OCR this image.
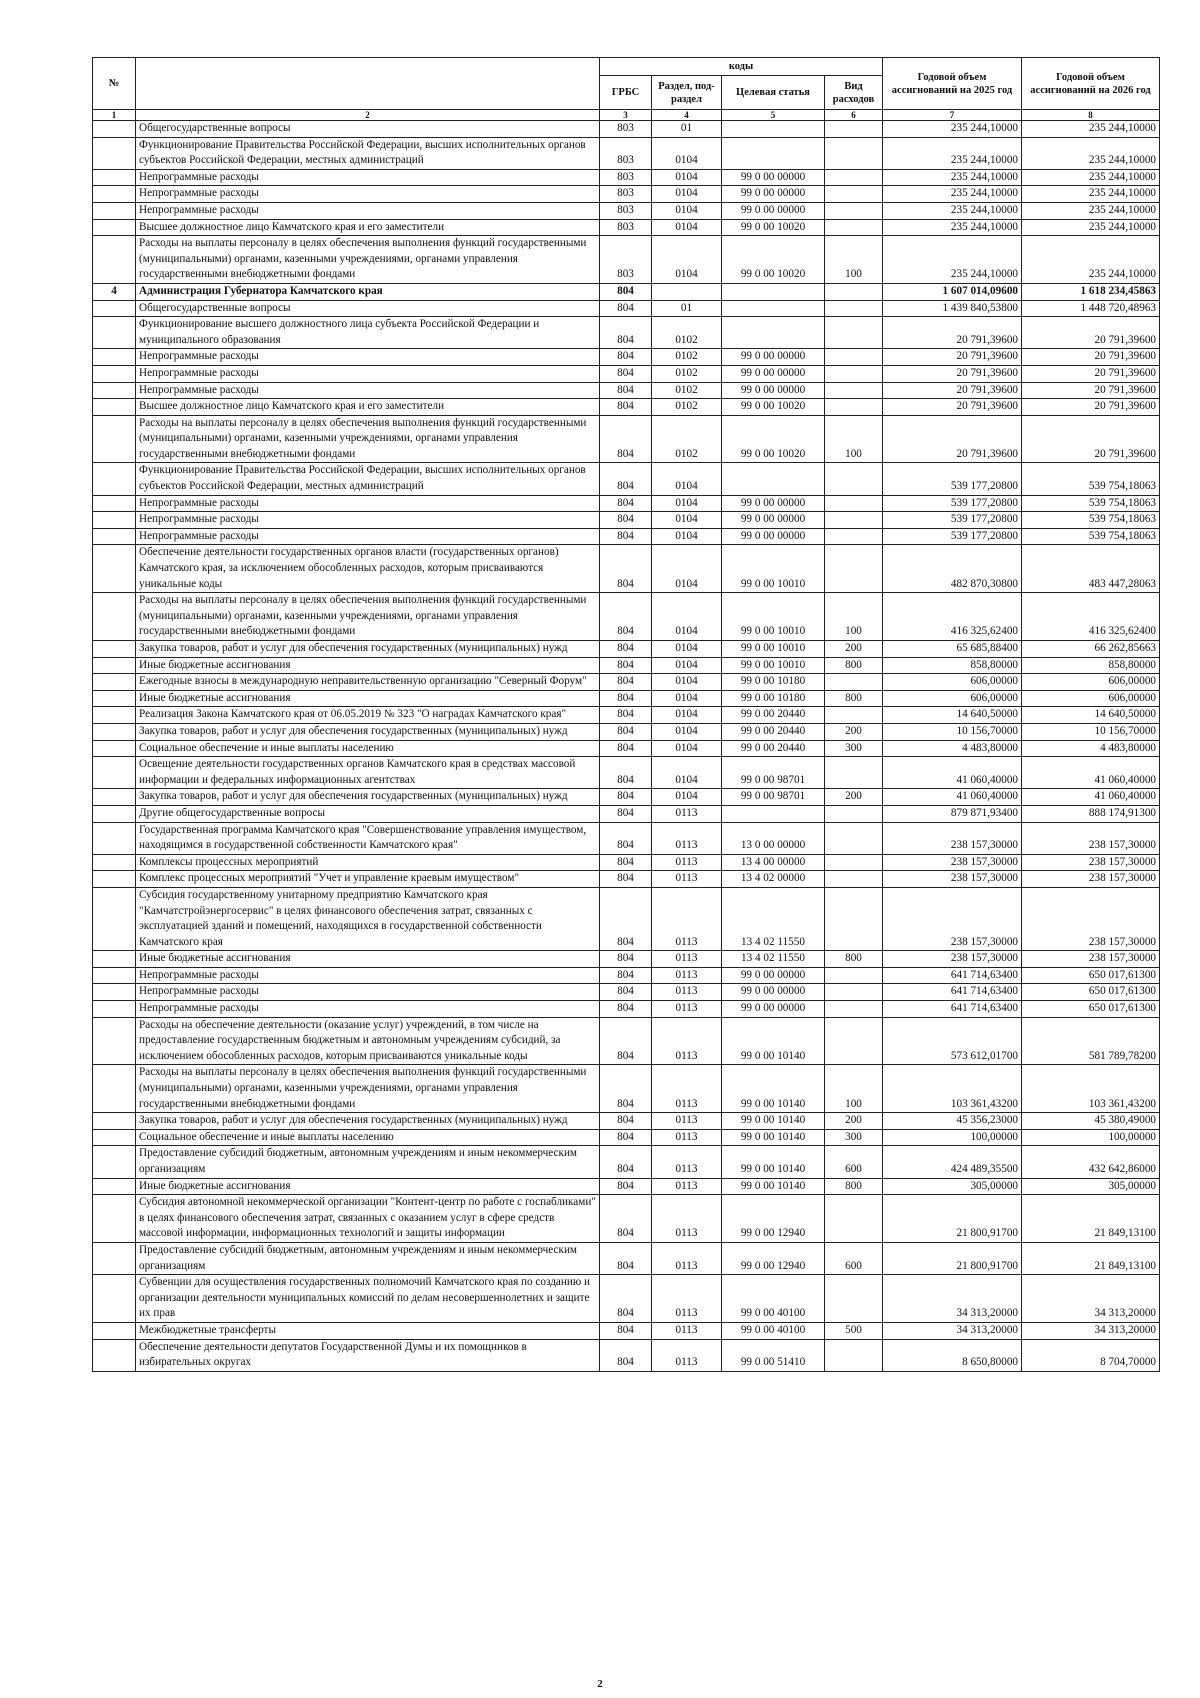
№		коды				Годовой объем ассигнований на 2025 год	Годовой объем ассигнований на 2026 год
		ГРБС	Раздел, под-раздел	Целевая статья	Вид расходов		
1	2	3	4	5	6	7	8
	Общегосударственные вопросы	803	01			235 244,10000	235 244,10000
	Функционирование Правительства Российской Федерации, высших исполнительных органов субъектов Российской Федерации, местных администраций	803	0104			235 244,10000	235 244,10000
	Непрограммные расходы	803	0104	99 0 00 00000		235 244,10000	235 244,10000
	Непрограммные расходы	803	0104	99 0 00 00000		235 244,10000	235 244,10000
	Непрограммные расходы	803	0104	99 0 00 00000		235 244,10000	235 244,10000
	Высшее должностное лицо Камчатского края и его заместители	803	0104	99 0 00 10020		235 244,10000	235 244,10000
	Расходы на выплаты персоналу в целях обеспечения выполнения функций государственными (муниципальными) органами, казенными учреждениями, органами управления государственными внебюджетными фондами	803	0104	99 0 00 10020	100	235 244,10000	235 244,10000
4	Администрация Губернатора Камчатского края	804				1 607 014,09600	1 618 234,45863
	Общегосударственные вопросы	804	01			1 439 840,53800	1 448 720,48963
	Функционирование высшего должностного лица субъекта Российской Федерации и муниципального образования	804	0102			20 791,39600	20 791,39600
	Непрограммные расходы	804	0102	99 0 00 00000		20 791,39600	20 791,39600
	Непрограммные расходы	804	0102	99 0 00 00000		20 791,39600	20 791,39600
	Непрограммные расходы	804	0102	99 0 00 00000		20 791,39600	20 791,39600
	Высшее должностное лицо Камчатского края и его заместители	804	0102	99 0 00 10020		20 791,39600	20 791,39600
	Расходы на выплаты персоналу в целях обеспечения выполнения функций государственными (муниципальными) органами, казенными учреждениями, органами управления государственными внебюджетными фондами	804	0102	99 0 00 10020	100	20 791,39600	20 791,39600
	Функционирование Правительства Российской Федерации, высших исполнительных органов субъектов Российской Федерации, местных администраций	804	0104			539 177,20800	539 754,18063
	Непрограммные расходы	804	0104	99 0 00 00000		539 177,20800	539 754,18063
	Непрограммные расходы	804	0104	99 0 00 00000		539 177,20800	539 754,18063
	Непрограммные расходы	804	0104	99 0 00 00000		539 177,20800	539 754,18063
	Обеспечение деятельности государственных органов власти (государственных органов) Камчатского края, за исключением обособленных расходов, которым присваиваются уникальные коды	804	0104	99 0 00 10010		482 870,30800	483 447,28063
	Расходы на выплаты персоналу в целях обеспечения выполнения функций государственными (муниципальными) органами, казенными учреждениями, органами управления государственными внебюджетными фондами	804	0104	99 0 00 10010	100	416 325,62400	416 325,62400
	Закупка товаров, работ и услуг для обеспечения государственных (муниципальных) нужд	804	0104	99 0 00 10010	200	65 685,88400	66 262,85663
	Иные бюджетные ассигнования	804	0104	99 0 00 10010	800	858,80000	858,80000
	Ежегодные взносы в международную неправительственную организацию "Северный Форум"	804	0104	99 0 00 10180		606,00000	606,00000
	Иные бюджетные ассигнования	804	0104	99 0 00 10180	800	606,00000	606,00000
	Реализация Закона Камчатского края от 06.05.2019 № 323 "О наградах Камчатского края"	804	0104	99 0 00 20440		14 640,50000	14 640,50000
	Закупка товаров, работ и услуг для обеспечения государственных (муниципальных) нужд	804	0104	99 0 00 20440	200	10 156,70000	10 156,70000
	Социальное обеспечение и иные выплаты населению	804	0104	99 0 00 20440	300	4 483,80000	4 483,80000
	Освещение деятельности государственных органов Камчатского края в средствах массовой информации и федеральных информационных агентствах	804	0104	99 0 00 98701		41 060,40000	41 060,40000
	Закупка товаров, работ и услуг для обеспечения государственных (муниципальных) нужд	804	0104	99 0 00 98701	200	41 060,40000	41 060,40000
	Другие общегосударственные вопросы	804	0113			879 871,93400	888 174,91300
	Государственная программа Камчатского края "Совершенствование управления имуществом, находящимся в государственной собственности Камчатского края"	804	0113	13 0 00 00000		238 157,30000	238 157,30000
	Комплексы процессных мероприятий	804	0113	13 4 00 00000		238 157,30000	238 157,30000
	Комплекс процессных мероприятий "Учет и управление краевым имуществом"	804	0113	13 4 02 00000		238 157,30000	238 157,30000
	Субсидия государственному унитарному предприятию Камчатского края "Камчатстройэнергосервис" в целях финансового обеспечения затрат, связанных с эксплуатацией зданий и помещений, находящихся в государственной собственности Камчатского края	804	0113	13 4 02 11550		238 157,30000	238 157,30000
	Иные бюджетные ассигнования	804	0113	13 4 02 11550	800	238 157,30000	238 157,30000
	Непрограммные расходы	804	0113	99 0 00 00000		641 714,63400	650 017,61300
	Непрограммные расходы	804	0113	99 0 00 00000		641 714,63400	650 017,61300
	Непрограммные расходы	804	0113	99 0 00 00000		641 714,63400	650 017,61300
	Расходы на обеспечение деятельности (оказание услуг) учреждений, в том числе на предоставление государственным бюджетным и автономным учреждениям субсидий, за исключением обособленных расходов, которым присваиваются уникальные коды	804	0113	99 0 00 10140		573 612,01700	581 789,78200
	Расходы на выплаты персоналу в целях обеспечения выполнения функций государственными (муниципальными) органами, казенными учреждениями, органами управления государственными внебюджетными фондами	804	0113	99 0 00 10140	100	103 361,43200	103 361,43200
	Закупка товаров, работ и услуг для обеспечения государственных (муниципальных) нужд	804	0113	99 0 00 10140	200	45 356,23000	45 380,49000
	Социальное обеспечение и иные выплаты населению	804	0113	99 0 00 10140	300	100,00000	100,00000
	Предоставление субсидий бюджетным, автономным учреждениям и иным некоммерческим организациям	804	0113	99 0 00 10140	600	424 489,35500	432 642,86000
	Иные бюджетные ассигнования	804	0113	99 0 00 10140	800	305,00000	305,00000
	Субсидия автономной некоммерческой организации "Контент-центр по работе с госпабликами" в целях финансового обеспечения затрат, связанных с оказанием услуг в сфере средств массовой информации, информационных технологий и защиты информации	804	0113	99 0 00 12940		21 800,91700	21 849,13100
	Предоставление субсидий бюджетным, автономным учреждениям и иным некоммерческим организациям	804	0113	99 0 00 12940	600	21 800,91700	21 849,13100
	Субвенции для осуществления государственных полномочий Камчатского края по созданию и организации деятельности муниципальных комиссий по делам несовершеннолетних и защите их прав	804	0113	99 0 00 40100		34 313,20000	34 313,20000
	Межбюджетные трансферты	804	0113	99 0 00 40100	500	34 313,20000	34 313,20000
	Обеспечение деятельности депутатов Государственной Думы и их помощников в избирательных округах	804	0113	99 0 00 51410		8 650,80000	8 704,70000
2
